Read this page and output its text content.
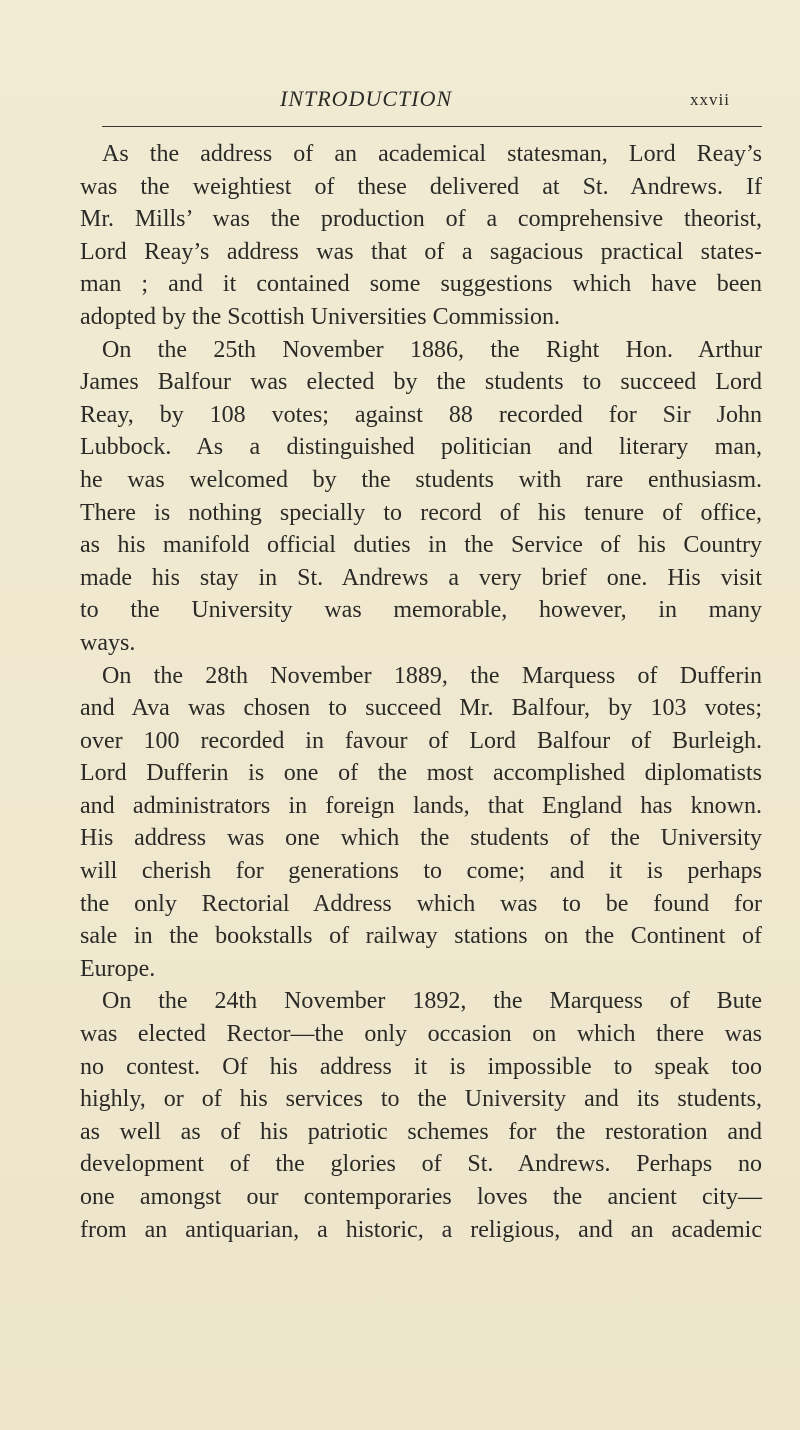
INTRODUCTION	xxvii
As the address of an academical statesman, Lord Reay’s
was the weightiest of these delivered at St. Andrews. If
Mr. Mills’ was the production of a comprehensive theorist,
Lord Reay’s address was that of a sagacious practical states-
man ; and it contained some suggestions which have been
adopted by the Scottish Universities Commission.
On the 25th November 1886, the Right Hon. Arthur
James Balfour was elected by the students to succeed Lord
Reay, by 108 votes; against 88 recorded for Sir John
Lubbock. As a distinguished politician and literary man,
he was welcomed by the students with rare enthusiasm.
There is nothing specially to record of his tenure of office,
as his manifold official duties in the Service of his Country
made his stay in St. Andrews a very brief one. His visit
to the University was memorable, however, in many
ways.
On the 28th November 1889, the Marquess of Dufferin
and Ava was chosen to succeed Mr. Balfour, by 103 votes;
over 100 recorded in favour of Lord Balfour of Burleigh.
Lord Dufferin is one of the most accomplished diplomatists
and administrators in foreign lands, that England has known.
His address was one which the students of the University
will cherish for generations to come; and it is perhaps
the only Rectorial Address which was to be found for
sale in the bookstalls of railway stations on the Continent of
Europe.
On the 24th November 1892, the Marquess of Bute
was elected Rector—the only occasion on which there was
no contest. Of his address it is impossible to speak too
highly, or of his services to the University and its students,
as well as of his patriotic schemes for the restoration and
development of the glories of St. Andrews. Perhaps no
one amongst our contemporaries loves the ancient city—
from an antiquarian, a historic, a religious, and an academic
